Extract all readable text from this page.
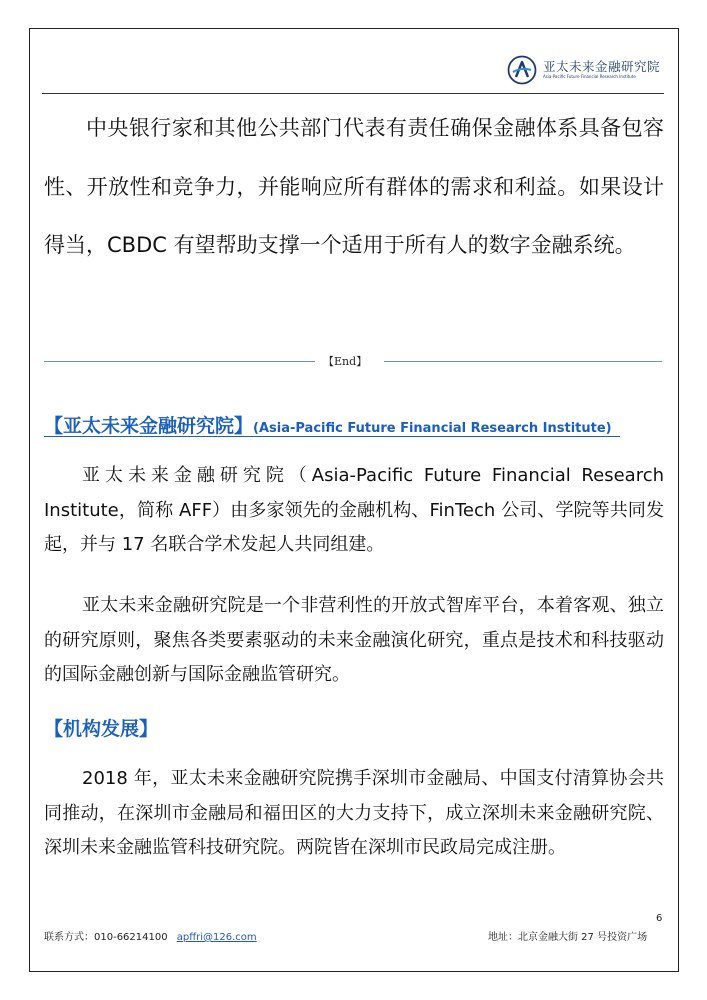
亚太未来金融研究院
Asia-Pacific Future Financial Research Institute

中央银行家和其他公共部门代表有责任确保金融体系具备包容性、开放性和竞争力，并能响应所有群体的需求和利益。如果设计得当，CBDC 有望帮助支撑一个适用于所有人的数字金融系统。

【End】
【亚太未来金融研究院】(Asia-Pacific Future Financial Research Institute)

亚太未来金融研究院（Asia-Pacific Future Financial Research Institute，简称 AFF）由多家领先的金融机构、FinTech 公司、学院等共同发起，并与 17 名联合学术发起人共同组建。

亚太未来金融研究院是一个非营利性的开放式智库平台，本着客观、独立的研究原则，聚焦各类要素驱动的未来金融演化研究，重点是技术和科技驱动的国际金融创新与国际金融监管研究。

【机构发展】

2018 年，亚太未来金融研究院携手深圳市金融局、中国支付清算协会共同推动，在深圳市金融局和福田区的大力支持下，成立深圳未来金融研究院、深圳未来金融监管科技研究院。两院皆在深圳市民政局完成注册。

6
联系方式：010-66214100 apffri@126.com	地址：北京金融大街 27 号投资广场
